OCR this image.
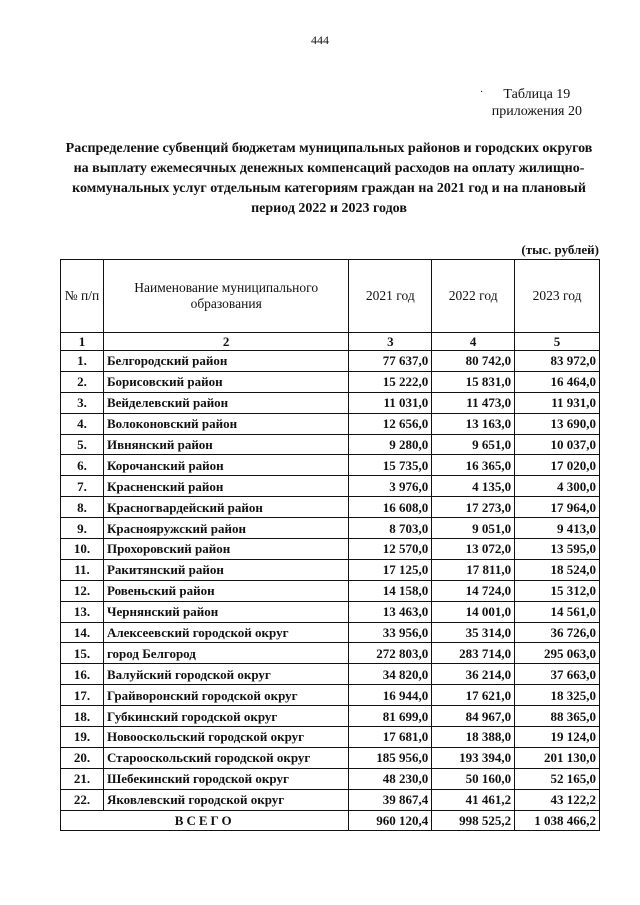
444
·	Таблица 19
приложения 20
Распределение субвенций бюджетам муниципальных районов и городских округов на выплату ежемесячных денежных компенсаций расходов на оплату жилищно-коммунальных услуг отдельным категориям граждан на 2021 год и на плановый период 2022 и 2023 годов
(тыс. рублей)
№ п/п	Наименование муниципального образования	2021 год	2022 год	2023 год
1	2	3	4	5
1.	Белгородский район	77 637,0	80 742,0	83 972,0
2.	Борисовский район	15 222,0	15 831,0	16 464,0
3.	Вейделевский район	11 031,0	11 473,0	11 931,0
4.	Волоконовский район	12 656,0	13 163,0	13 690,0
5.	Ивнянский район	9 280,0	9 651,0	10 037,0
6.	Корочанский район	15 735,0	16 365,0	17 020,0
7.	Красненский район	3 976,0	4 135,0	4 300,0
8.	Красногвардейский район	16 608,0	17 273,0	17 964,0
9.	Краснояружский район	8 703,0	9 051,0	9 413,0
10.	Прохоровский район	12 570,0	13 072,0	13 595,0
11.	Ракитянский район	17 125,0	17 811,0	18 524,0
12.	Ровеньский район	14 158,0	14 724,0	15 312,0
13.	Чернянский район	13 463,0	14 001,0	14 561,0
14.	Алексеевский городской округ	33 956,0	35 314,0	36 726,0
15.	город Белгород	272 803,0	283 714,0	295 063,0
16.	Валуйский городской округ	34 820,0	36 214,0	37 663,0
17.	Грайворонский городской округ	16 944,0	17 621,0	18 325,0
18.	Губкинский городской округ	81 699,0	84 967,0	88 365,0
19.	Новооскольский городской округ	17 681,0	18 388,0	19 124,0
20.	Старооскольский городской округ	185 956,0	193 394,0	201 130,0
21.	Шебекинский городской округ	48 230,0	50 160,0	52 165,0
22.	Яковлевский городской округ	39 867,4	41 461,2	43 122,2
ВСЕГО		960 120,4	998 525,2	1 038 466,2
